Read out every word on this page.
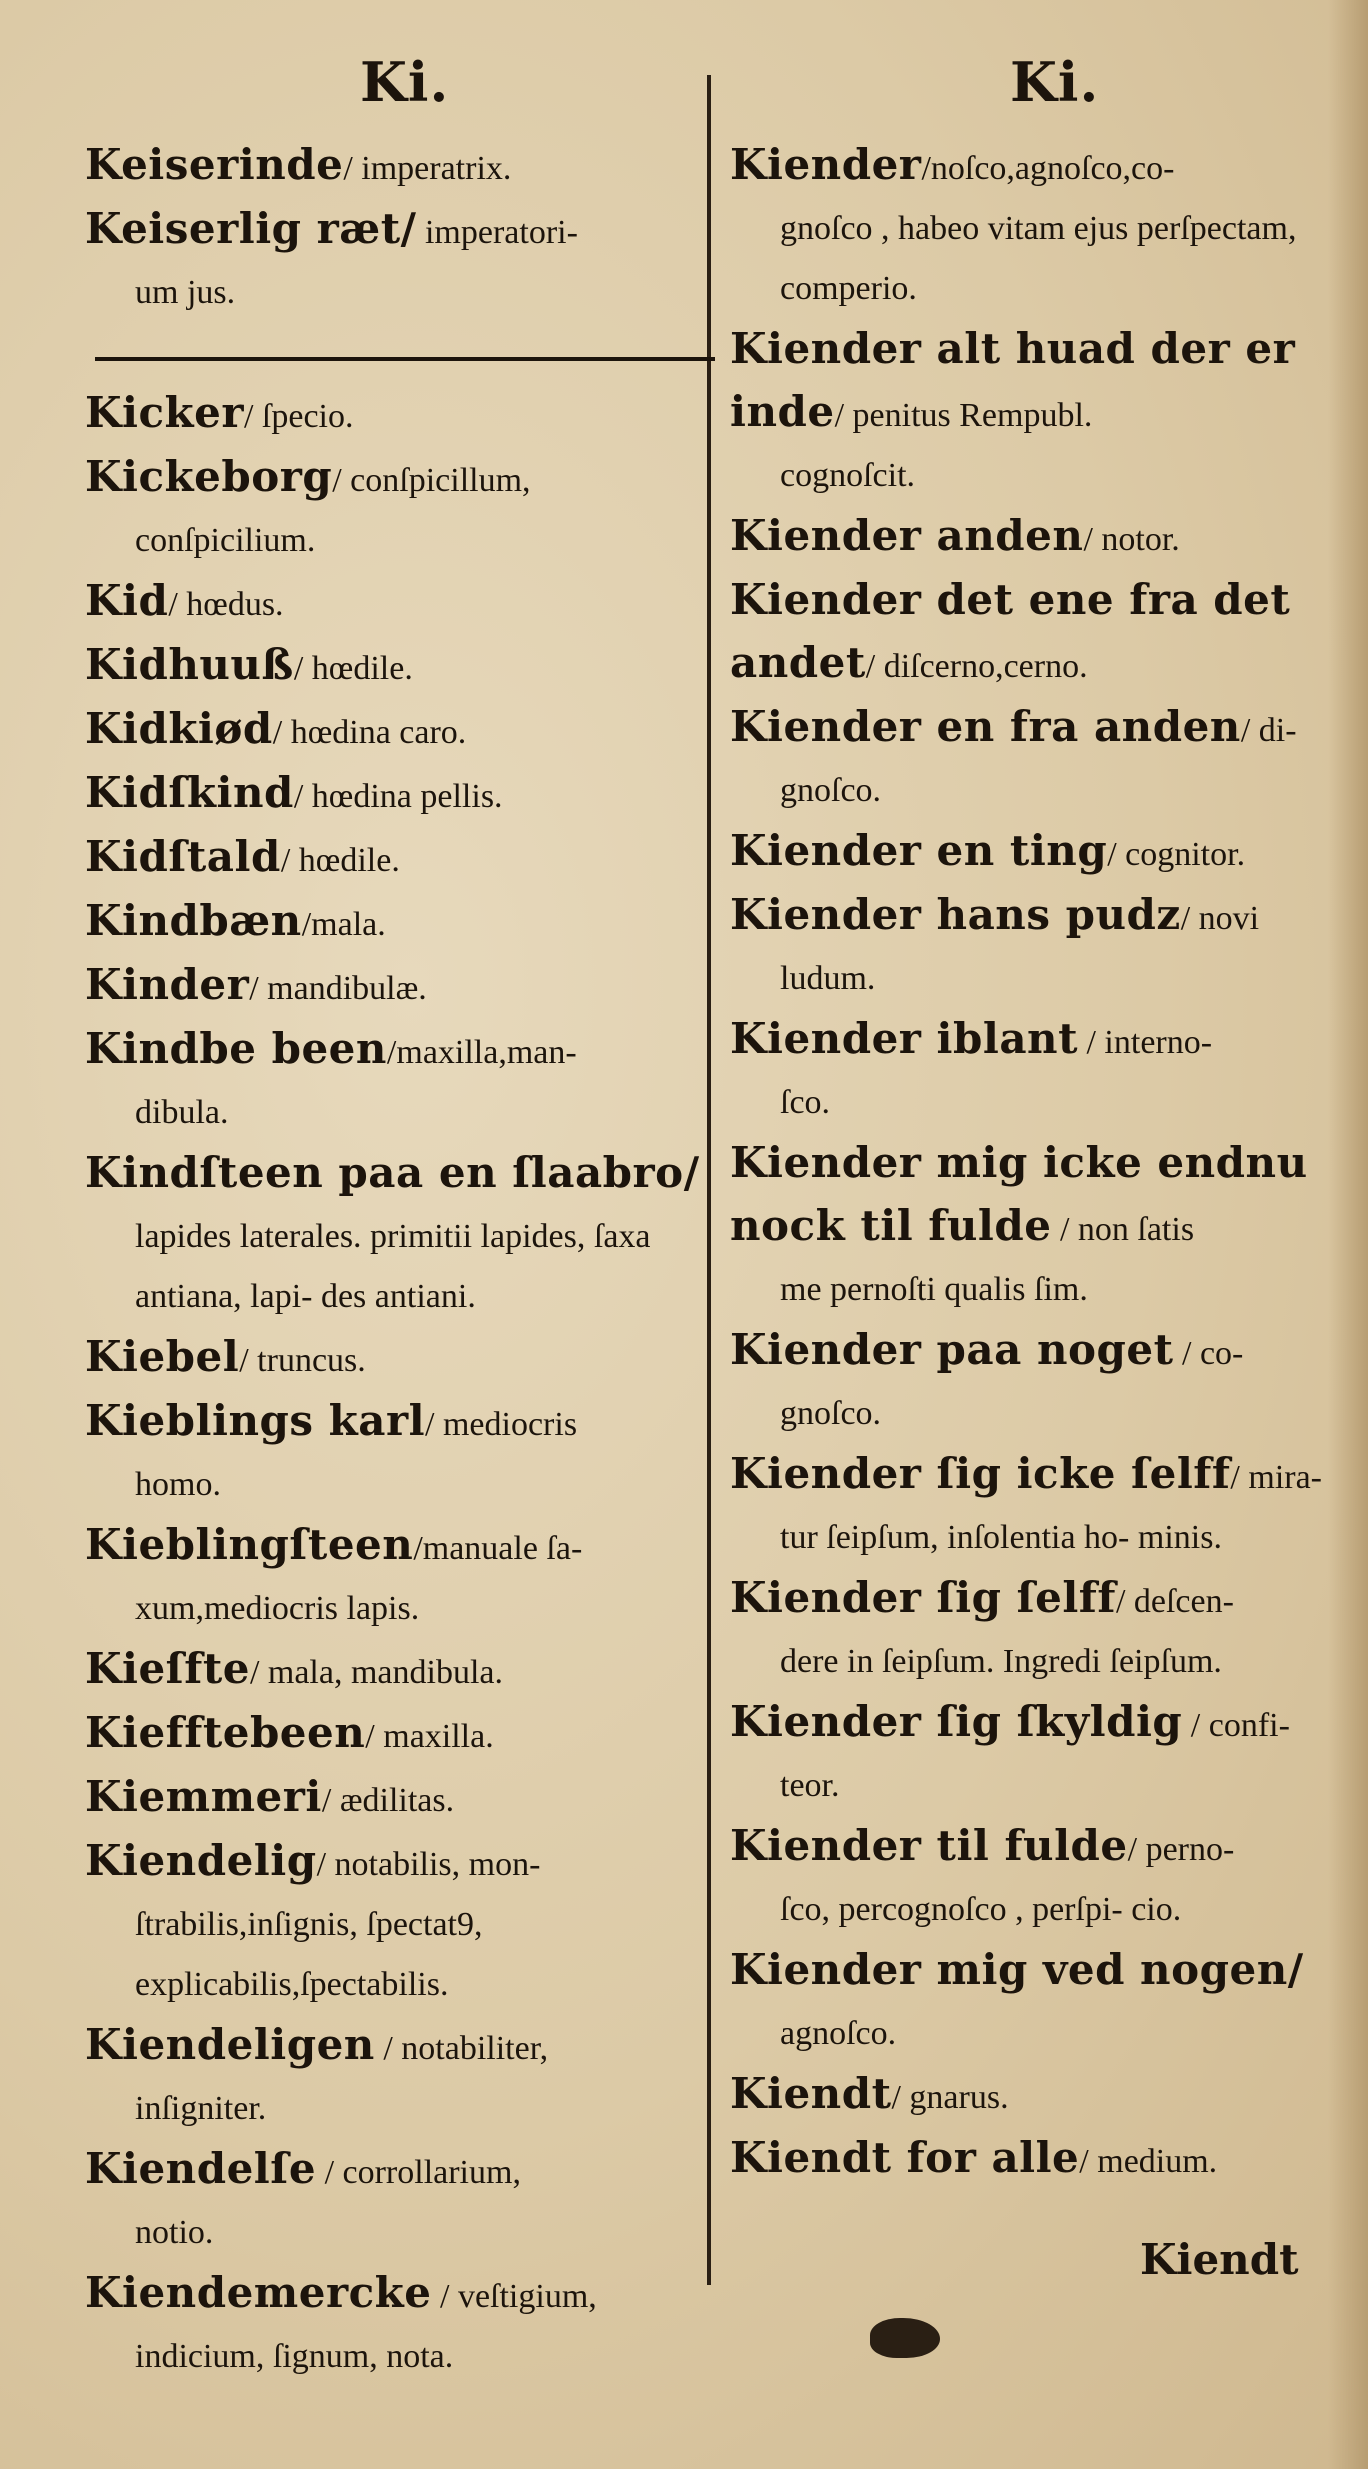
Ki.	Ki.
Keiserinde/ imperatrix.
Keiserlig ræt/ imperatori-
um jus.
Kicker/ ſpecio.
Kickeborg/ conſpicillum,
conſpicilium.
Kid/ hœdus.
Kidhuuß/ hœdile.
Kidkiød/ hœdina caro.
Kidſkind/ hœdina pellis.
Kidſtald/ hœdile.
Kindbæn/mala.
Kinder/ mandibulæ.
Kindbe been/maxilla,man-
dibula.
Kindſteen paa en ſlaabro/
lapides laterales. primitii lapides, ſaxa antiana, lapi- des antiani.
Kiebel/ truncus.
Kieblings karl/ mediocris
homo.
Kieblingſteen/manuale ſa-
xum,mediocris lapis.
Kieſfte/ mala, mandibula.
Kiefftebeen/ maxilla.
Kiemmeri/ ædilitas.
Kiendelig/ notabilis, mon-
ſtrabilis,inſignis, ſpectat9, explicabilis,ſpectabilis.
Kiendeligen / notabiliter,
inſigniter.
Kiendelſe / corrollarium,
notio.
Kiendemercke / veſtigium,
indicium, ſignum, nota.
Kiender/noſco,agnoſco,co-
gnoſco , habeo vitam ejus perſpectam, comperio.
Kiender alt huad der er inde/ penitus Rempubl.
cognoſcit.
Kiender anden/ notor.
Kiender det ene fra det andet/ diſcerno,cerno.
Kiender en fra anden/ di-
gnoſco.
Kiender en ting/ cognitor.
Kiender hans pudz/ novi
ludum.
Kiender iblant / interno-
ſco.
Kiender mig icke endnu nock til fulde / non ſatis
me pernoſti qualis ſim.
Kiender paa noget / co-
gnoſco.
Kiender ſig icke ſelff/ mira-
tur ſeipſum, inſolentia ho- minis.
Kiender ſig ſelff/ deſcen-
dere in ſeipſum. Ingredi ſeipſum.
Kiender ſig ſkyldig / confi-
teor.
Kiender til fulde/ perno-
ſco, percognoſco , perſpi- cio.
Kiender mig ved nogen/
agnoſco.
Kiendt/ gnarus.
Kiendt for alle/ medium.
Kiendt
